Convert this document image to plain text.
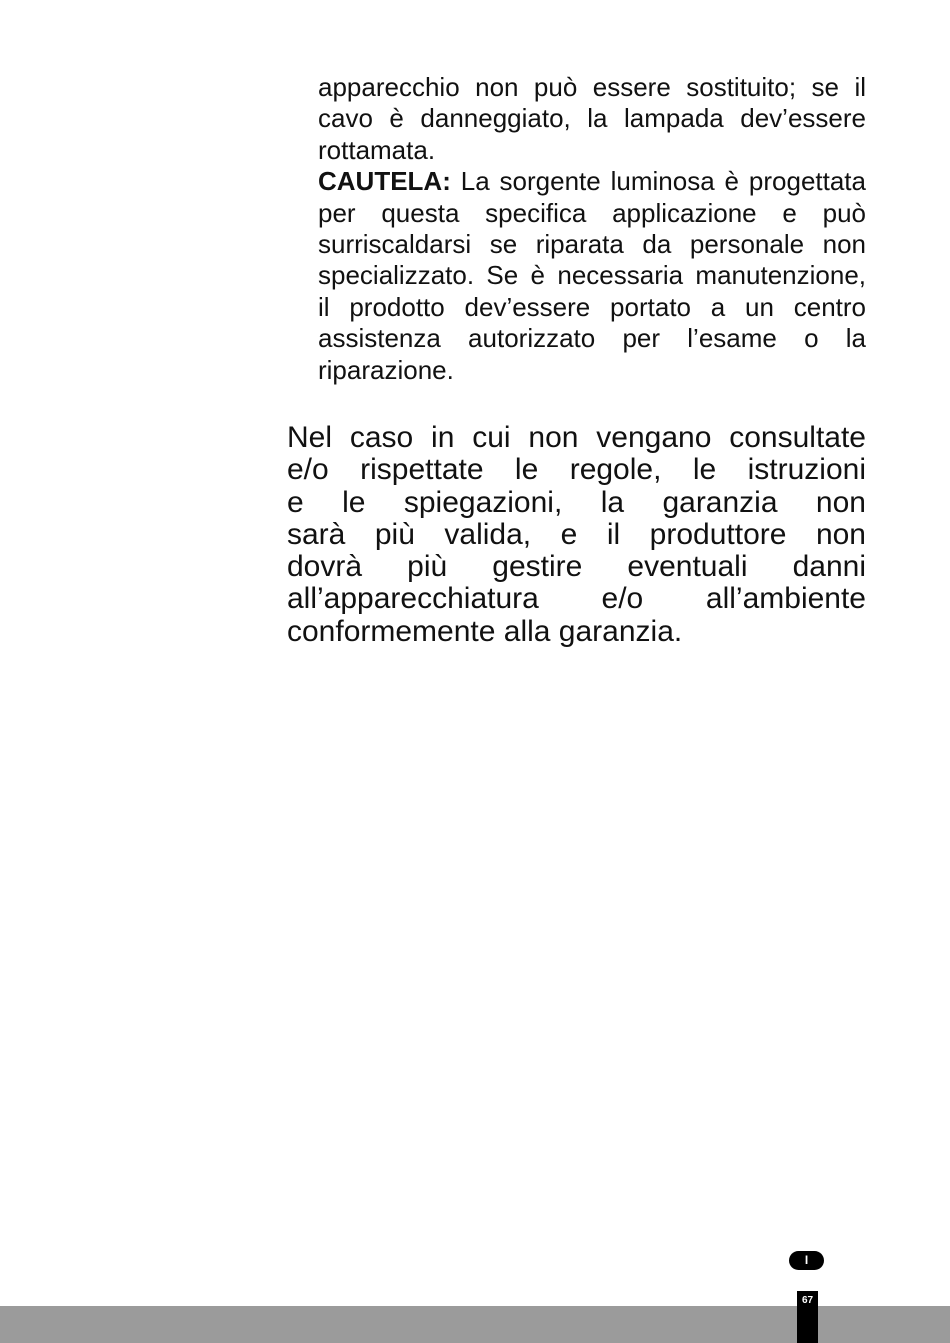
apparecchio non può essere sostituito; se il
cavo è danneggiato, la lampada dev’essere
rottamata.
CAUTELA: La sorgente luminosa è progettata
per questa specifica applicazione e può
surriscaldarsi se riparata da personale non
specializzato. Se è necessaria manutenzione,
il prodotto dev’essere portato a un centro
assistenza autorizzato per l’esame o la
riparazione.
Nel caso in cui non vengano consultate
e/o rispettate le regole, le istruzioni
e le spiegazioni, la garanzia non
sarà più valida, e il produttore non
dovrà più gestire eventuali danni
all’apparecchiatura e/o all’ambiente
conformemente alla garanzia.
I
67
